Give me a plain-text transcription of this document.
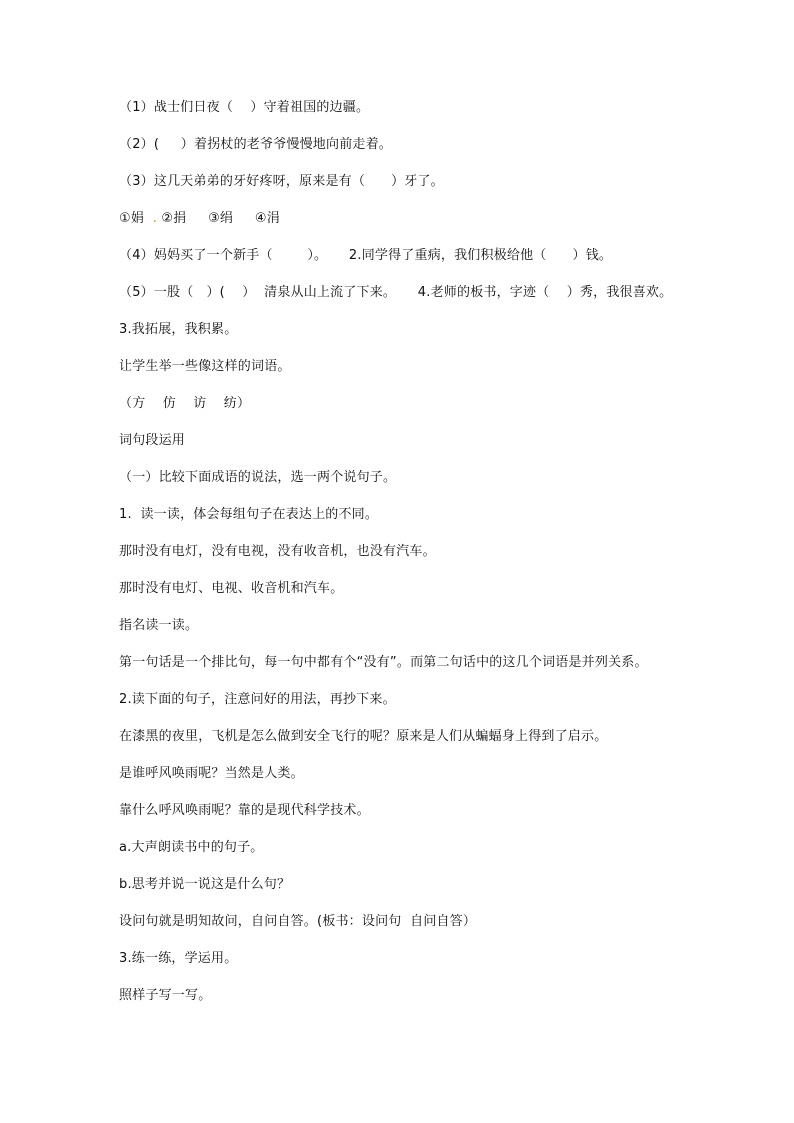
（1）战士们日夜（    ）守着祖国的边疆。
（2）(     ）着拐杖的老爷爷慢慢地向前走着。
（3）这几天弟弟的牙好疼呀，原来是有（      ）牙了。
①娟 . ②捐     ③绢     ④涓
（4）妈妈买了一个新手（        ）。     2.同学得了重病，我们积极给他（      ）钱。
（5）一股（   ）(    ）  清泉从山上流了下来。     4.老师的板书，字迹（    ）秀，我很喜欢。
3.我拓展，我积累。
让学生举一些像这样的词语。
（方    仿    访    纺）
词句段运用
（一）比较下面成语的说法，选一两个说句子。
1.  读一读，体会每组句子在表达上的不同。
那时没有电灯，没有电视，没有收音机，也没有汽车。
那时没有电灯、电视、收音机和汽车。
指名读一读。
第一句话是一个排比句，每一句中都有个“没有”。而第二句话中的这几个词语是并列关系。
2.读下面的句子，注意问好的用法，再抄下来。
在漆黑的夜里，飞机是怎么做到安全飞行的呢？原来是人们从蝙蝠身上得到了启示。
是谁呼风唤雨呢？当然是人类。
靠什么呼风唤雨呢？靠的是现代科学技术。
a.大声朗读书中的句子。
b.思考并说一说这是什么句？
设问句就是明知故问，自问自答。(板书：设问句  自问自答）
3.练一练，学运用。
照样子写一写。
